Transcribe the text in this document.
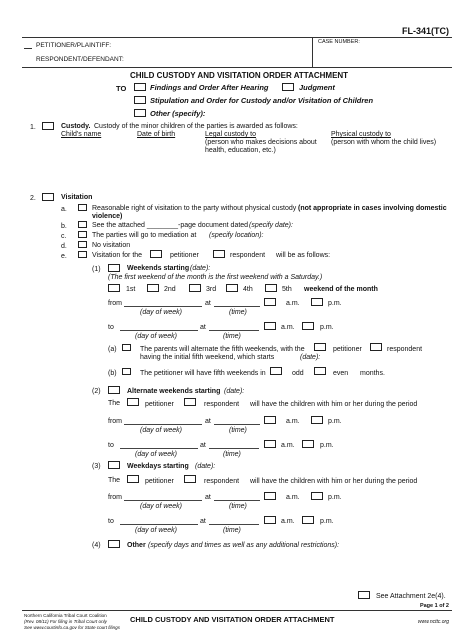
FL-341(TC)
PETITIONER/PLAINTIFF:
RESPONDENT/DEFENDANT:
CASE NUMBER:
CHILD CUSTODY AND VISITATION ORDER ATTACHMENT
TO	Findings and Order After Hearing	Judgment
Stipulation and Order for Custody and/or Visitation of Children
Other (specify):
1.	Custody. Custody of the minor children of the parties is awarded as follows:
Child's name	Date of birth	Legal custody to
(person who makes decisions about
health, education, etc.)
Physical custody to
(person with whom the child lives)
2.	Visitation
a.	Reasonable right of visitation to the party without physical custody (not appropriate in cases involving domestic
violence)
b.	See the attached ________-page document dated (specify date):
c.	The parties will go to mediation at (specify location):
d.	No visitation
e.	Visitation for the	petitioner	respondent will be as follows:
(1)	Weekends starting (date):
(The first weekend of the month is the first weekend with a Saturday.)
1st	2nd	3rd	4th	5th weekend of the month
from	at	a.m.	p.m.
(day of week)	(time)
to	at	a.m.	p.m.
(day of week)	(time)
(a)	The parents will alternate the fifth weekends, with the	petitioner	respondent
having the initial fifth weekend, which starts	(date):
(b)	The petitioner will have fifth weekends in	odd	even months.
(2)	Alternate weekends starting (date):
The	petitioner	respondent will have the children with him or her during the period
from	at	a.m.	p.m.
(day of week)	(time)
to	at	a.m.	p.m.
(day of week)	(time)
(3)	Weekdays starting (date):
The	petitioner	respondent will have the children with him or her during the period
from	at	a.m.	p.m.
(day of week)	(time)
to	at	a.m.	p.m.
(day of week)	(time)
(4)	Other (specify days and times as well as any additional restrictions):
See Attachment 2e(4).
Page 1 of 2
Northern California Tribal Court Coalition
(Rev. 08/11) For filing in Tribal Court only
See www.courtinfo.ca.gov for State court filings
CHILD CUSTODY AND VISITATION ORDER ATTACHMENT	www.ncttc.org
